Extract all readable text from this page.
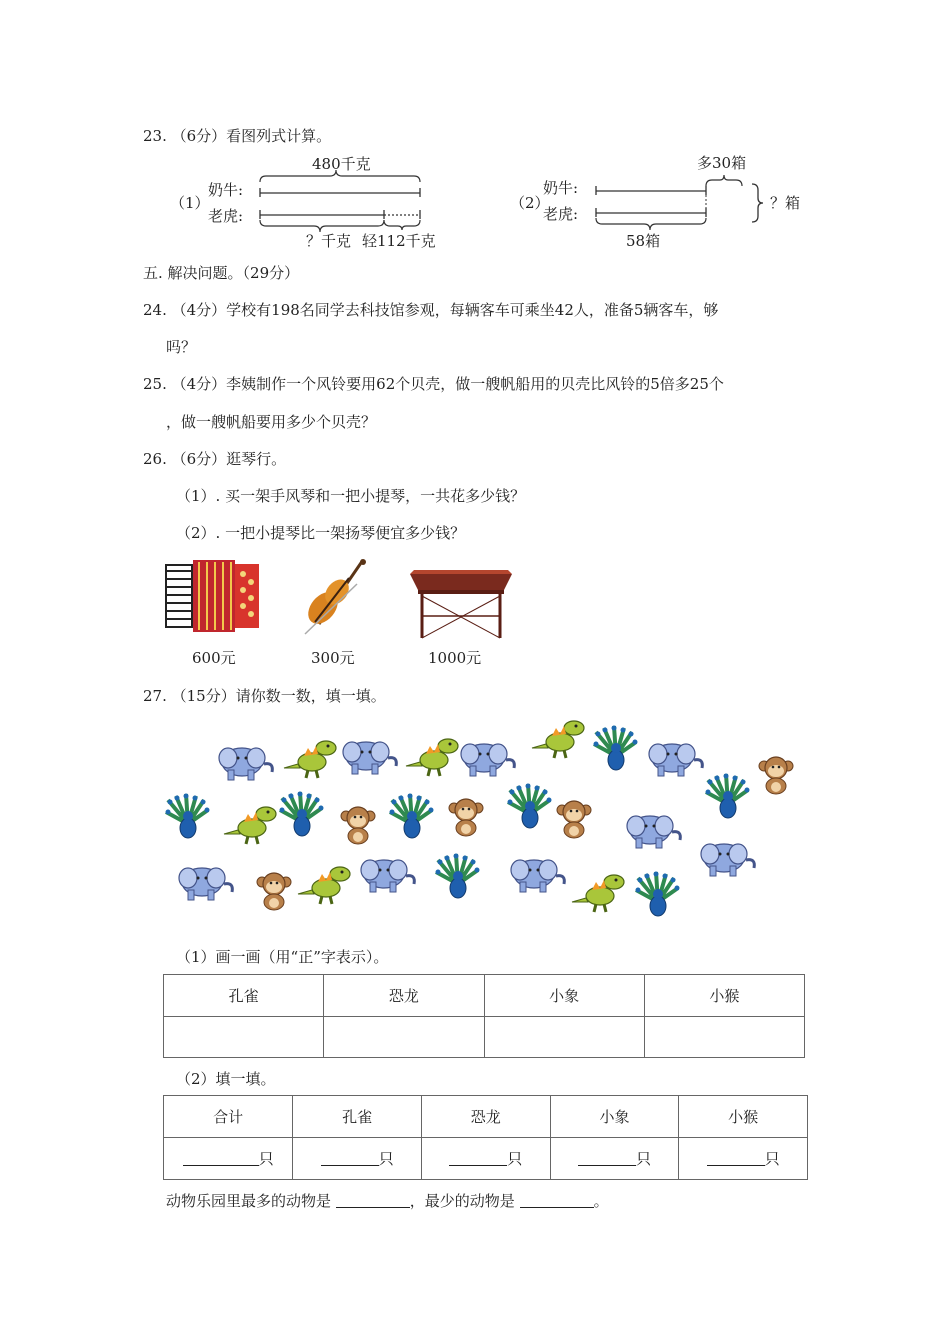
23. （6分）看图列式计算。
（1）
奶牛:
老虎:
480千克
？千克 轻112千克
（2）
奶牛:
老虎:
多30箱
58箱
？箱
五. 解决问题。（29分）
24. （4分）学校有198名同学去科技馆参观，每辆客车可乘坐42人，准备5辆客车，够
吗？
25. （4分）李姨制作一个风铃要用62个贝壳，做一艘帆船用的贝壳比风铃的5倍多25个
，做一艘帆船要用多少个贝壳？
26. （6分）逛琴行。
（1）. 买一架手风琴和一把小提琴，一共花多少钱？
（2）. 一把小提琴比一架扬琴便宜多少钱？
600元	300元	1000元
27. （15分）请你数一数，填一填。
（1）画一画（用“正”字表示）。
孔雀	恐龙	小象	小猴

（2）填一填。
合计	孔雀	恐龙	小象	小猴
只	只	只	只	只
动物乐园里最多的动物是	，最少的动物是	。
